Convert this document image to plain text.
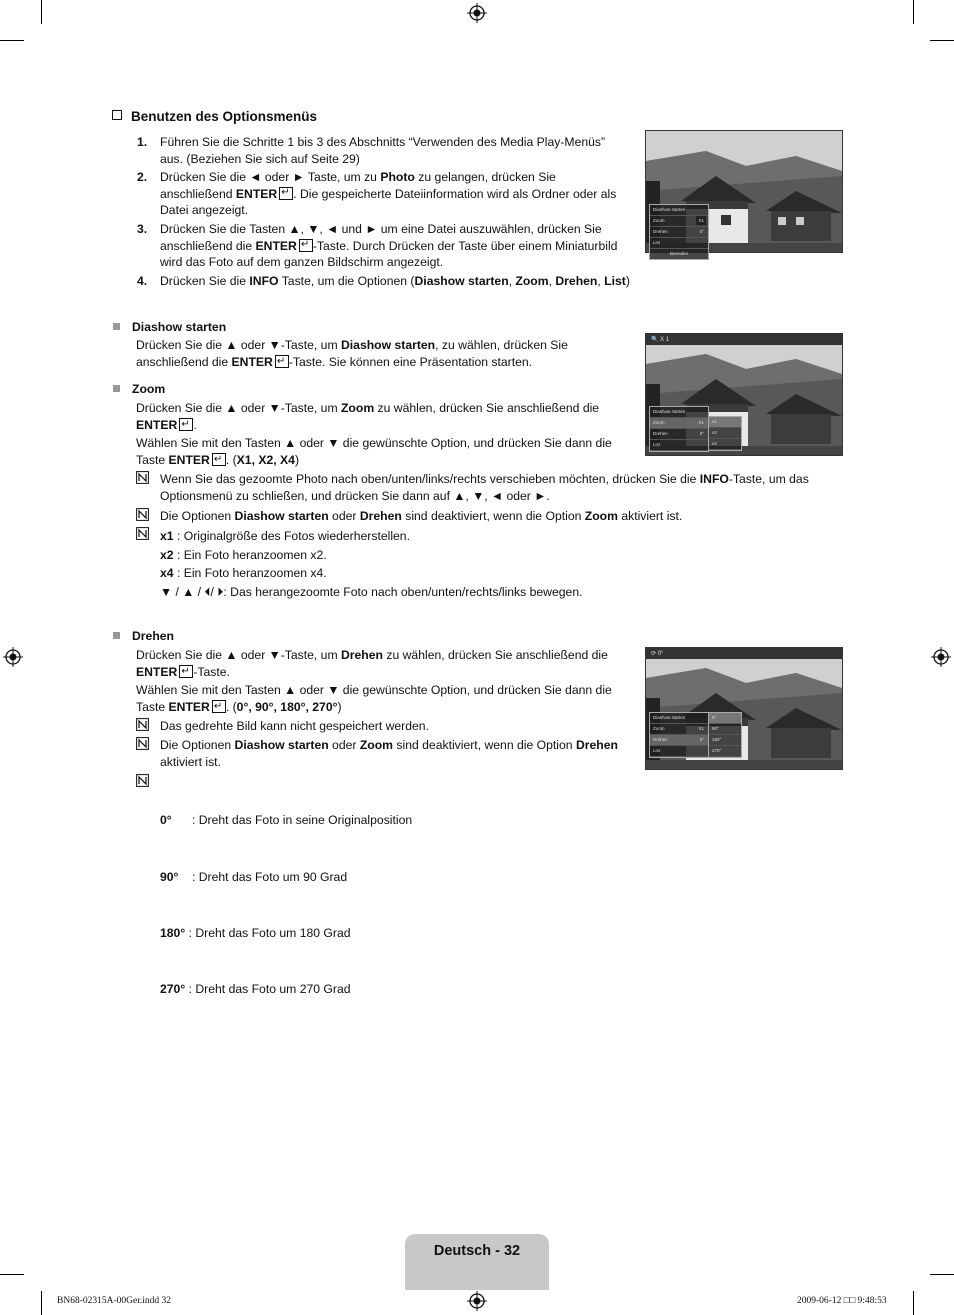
Benutzen des Optionsmenüs
1. Führen Sie die Schritte 1 bis 3 des Abschnitts “Verwenden des Media Play-Menüs” aus. (Beziehen Sie sich auf Seite 29)
2. Drücken Sie die ◄ oder ► Taste, um zu Photo zu gelangen, drücken Sie anschließend ENTER ↵ . Die gespeicherte Dateiinformation wird als Ordner oder als Datei angezeigt.
3. Drücken Sie die Tasten ▲, ▼, ◄ und ► um eine Datei auszuwählen, drücken Sie anschließend die ENTER ↵ -Taste. Durch Drücken der Taste über einem Miniaturbild wird das Foto auf dem ganzen Bildschirm angezeigt.
4. Drücken Sie die INFO Taste, um die Optionen (Diashow starten, Zoom, Drehen, List)
Diashow starten
Drücken Sie die ▲ oder ▼-Taste, um Diashow starten, zu wählen, drücken Sie anschließend die ENTER ↵ -Taste. Sie können eine Präsentation starten.
Zoom
Drücken Sie die ▲ oder ▼-Taste, um Zoom zu wählen, drücken Sie anschließend die ENTER ↵ .
Wählen Sie mit den Tasten ▲ oder ▼ die gewünschte Option, und drücken Sie dann die Taste ENTER ↵ . (X1, X2, X4)
Wenn Sie das gezoomte Photo nach oben/unten/links/rechts verschieben möchten, drücken Sie die INFO-Taste, um das Optionsmenü zu schließen, und drücken Sie dann auf ▲, ▼, ◄ oder ►.
Die Optionen Diashow starten oder Drehen sind deaktiviert, wenn die Option Zoom aktiviert ist.
x1 : Originalgröße des Fotos wiederherstellen.
x2 : Ein Foto heranzoomen x2.
x4 : Ein Foto heranzoomen x4.
▼ / ▲ / ⏴/ ⏵: Das herangezoomte Foto nach oben/unten/rechts/links bewegen.
Drehen
Drücken Sie die ▲ oder ▼-Taste, um Drehen zu wählen, drücken Sie anschließend die ENTER ↵ -Taste.
Wählen Sie mit den Tasten ▲ oder ▼ die gewünschte Option, und drücken Sie dann die Taste ENTER ↵ . (0°, 90°, 180°, 270°)
Das gedrehte Bild kann nicht gespeichert werden.
Die Optionen Diashow starten oder Zoom sind deaktiviert, wenn die Option Drehen aktiviert ist.

0°      : Dreht das Foto in seine Originalposition

90°    : Dreht das Foto um 90 Grad

180° : Dreht das Foto um 180 Grad

270° : Dreht das Foto um 270 Grad

Diashow starten
Zoom	X1
Drehen	0°
List
Beenden
🔍 X 1
Diashow starten
Zoom	X1
Drehen	0°
List
x1
x2
x4
⟳ 0°
Diashow starten
Zoom	X1
Drehen	0°
List
0°
90°
180°
270°
Deutsch - 32
BN68-02315A-00Ger.indd 32	2009-06-12 □□ 9:48:53
